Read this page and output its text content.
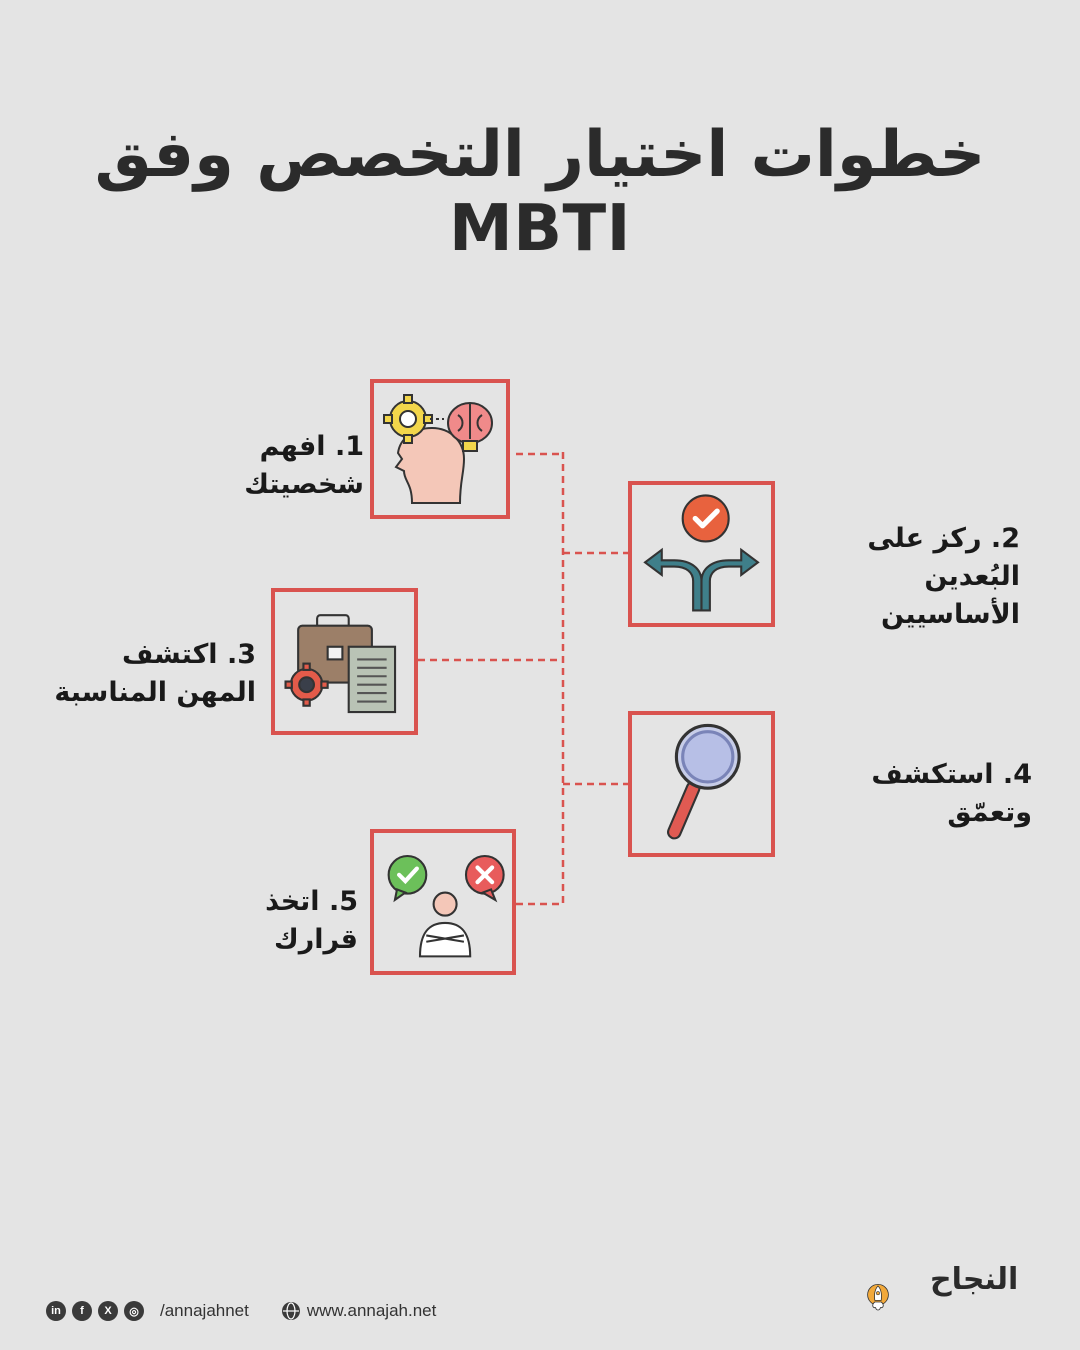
خطوات اختيار التخصص وفق MBTI
1. افهم شخصيتك
2. ركز على البُعدين الأساسيين
3. اكتشف المهن المناسبة
4. استكشف وتعمّق
5. اتخذ قرارك
in	f	X	◎	/annajahnet	www.annajah.net
النجاح
